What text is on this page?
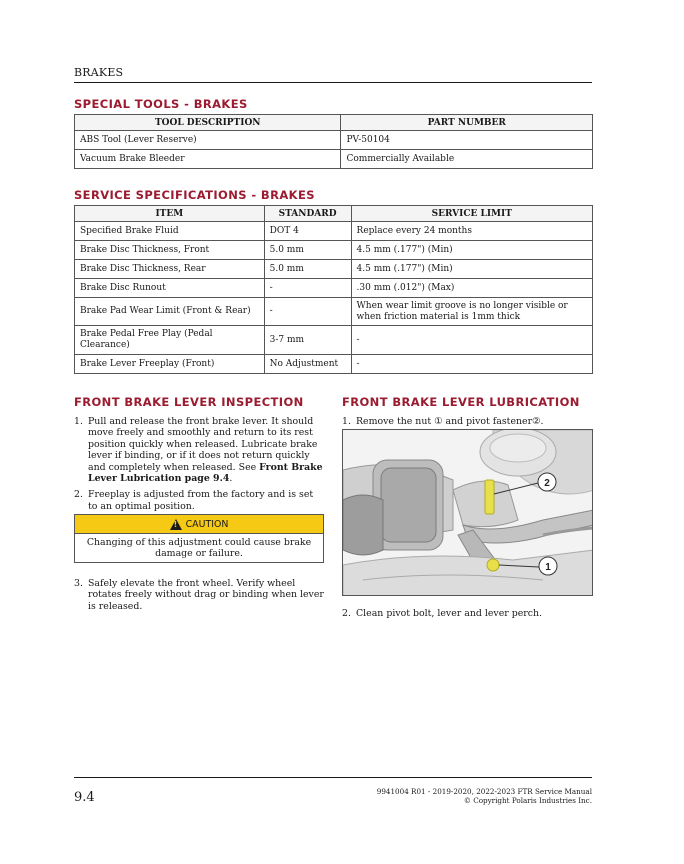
BRAKES
SPECIAL TOOLS - BRAKES
TOOL DESCRIPTION	PART NUMBER
ABS Tool (Lever Reserve)	PV-50104
Vacuum Brake Bleeder	Commercially Available
SERVICE SPECIFICATIONS - BRAKES
ITEM	STANDARD	SERVICE LIMIT
Specified Brake Fluid	DOT 4	Replace every 24 months
Brake Disc Thickness, Front	5.0 mm	4.5 mm (.177") (Min)
Brake Disc Thickness, Rear	5.0 mm	4.5 mm (.177") (Min)
Brake Disc Runout	-	.30 mm (.012") (Max)
Brake Pad Wear Limit (Front & Rear)	-	When wear limit groove is no longer visible or when friction material is 1mm thick
Brake Pedal Free Play (Pedal Clearance)	3-7 mm	-
Brake Lever Freeplay (Front)	No Adjustment	-
FRONT BRAKE LEVER INSPECTION
1. Pull and release the front brake lever. It should move freely and smoothly and return to its rest position quickly when released. Lubricate brake lever if binding, or if it does not return quickly and completely when released. See Front Brake Lever Lubrication page 9.4.
2. Freeplay is adjusted from the factory and is set to an optimal position.
! CAUTION
Changing of this adjustment could cause brake damage or failure.
3. Safely elevate the front wheel. Verify wheel rotates freely without drag or binding when lever is released.
FRONT BRAKE LEVER LUBRICATION
1. Remove the nut ① and pivot fastener②.
2
1
2. Clean pivot bolt, lever and lever perch.
9.4	9941004 R01 - 2019-2020, 2022-2023 FTR Service Manual
© Copyright Polaris Industries Inc.
